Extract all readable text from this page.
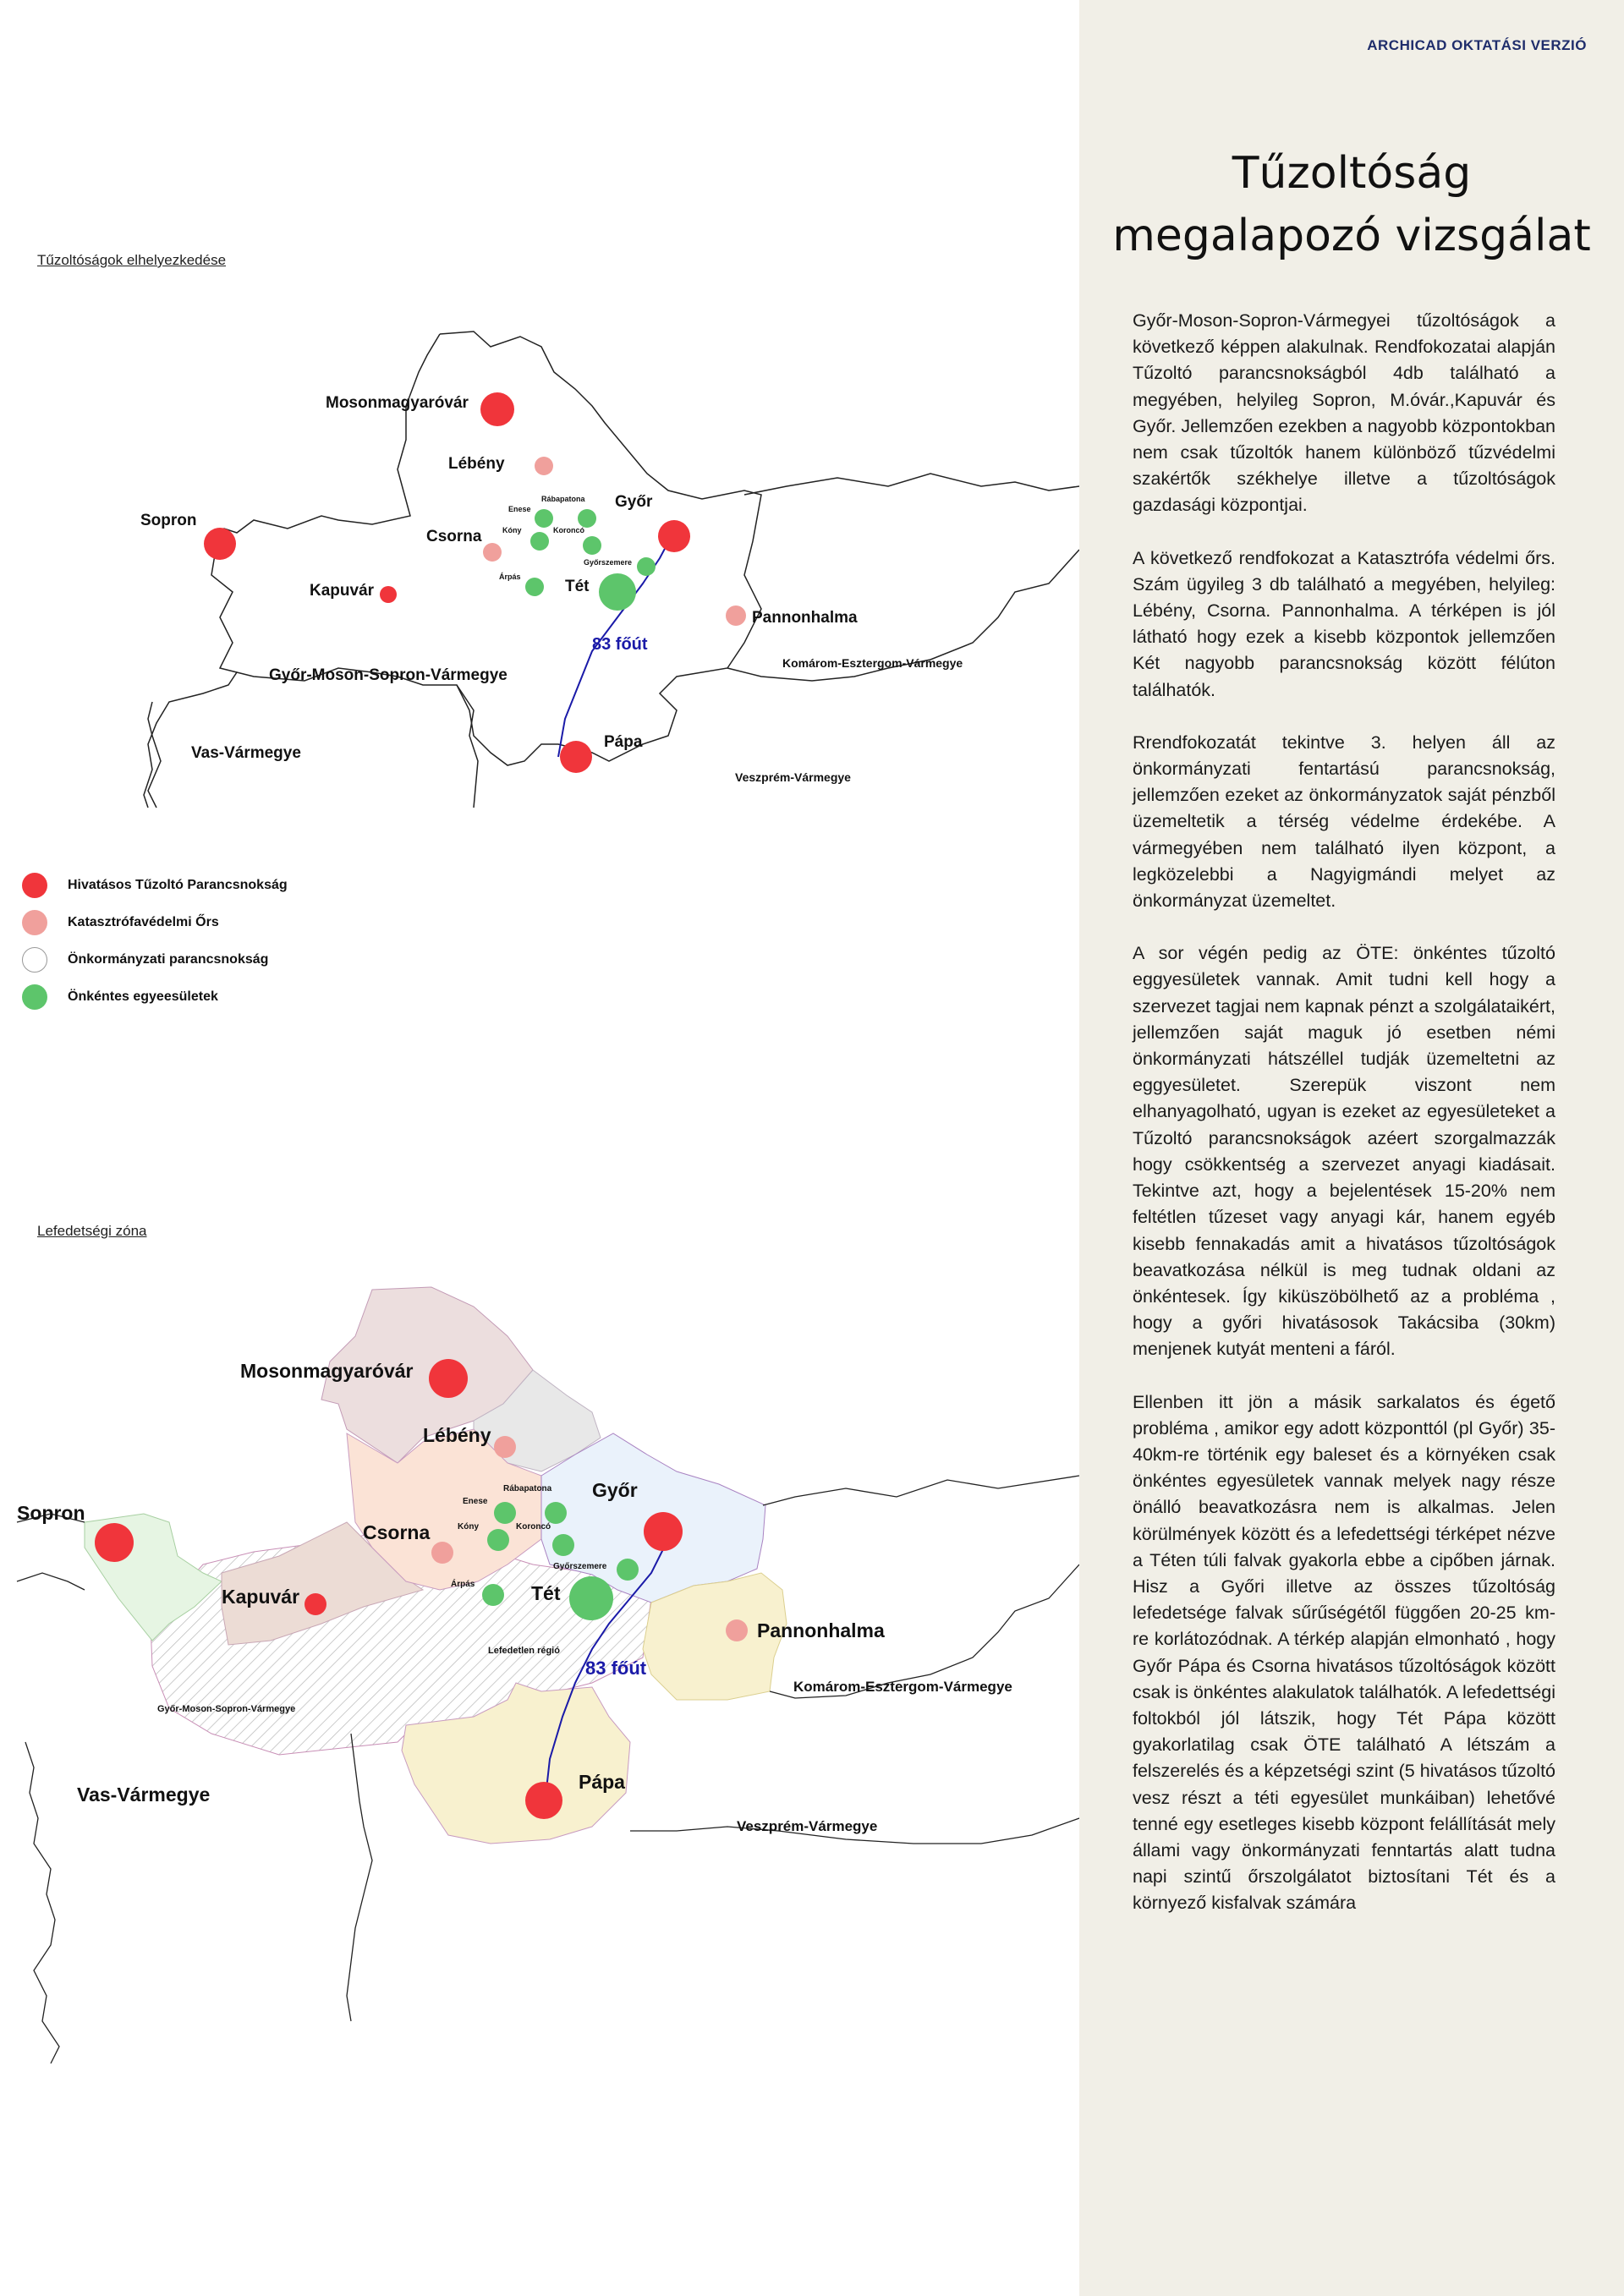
Tűzoltóságok elhelyezkedése
Mosonmagyaróvár
Lébény
Sopron
Rábapatona
Enese	Győr
Csorna	Kóny	Koroncó
Győrszemere
Árpás
Kapuvár	Tét
Pannonhalma
83 főút
Komárom-Esztergom-Vármegye
Győr-Moson-Sopron-Vármegye
Pápa
Vas-Vármegye
Veszprém-Vármegye
Hivatásos Tűzoltó Parancsnokság
Katasztrófavédelmi Őrs
Önkormányzati parancsnokság
Önkéntes egyeesületek
Lefedetségi zóna
Mosonmagyaróvár
Lébény
Győr
Rábapatona
Enese
Sopron
Kóny	Koroncó
Csorna
Győrszemere
Árpás
Kapuvár	Tét
Pannonhalma
Lefedetlen régió
83 főút
Komárom-Esztergom-Vármegye
Győr-Moson-Sopron-Vármegye
Pápa
Vas-Vármegye
Veszprém-Vármegye
ARCHICAD OKTATÁSI VERZIÓ
Tűzoltóság
megalapozó vizsgálat

Győr-Moson-Sopron-Vármegyei tűzoltóságok a következő képpen alakulnak. Rendfokozatai alapján Tűzoltó parancsnokságból 4db található a megyében, helyileg Sopron, M.óvár.,Kapuvár és Győr. Jellemzően ezekben a nagyobb központokban nem csak tűzoltók hanem különböző tűzvédelmi szakértők székhelye illetve a tűzoltóságok gazdasági központjai.

A következő rendfokozat a Katasztrófa védelmi őrs. Szám ügyileg 3 db található a megyében, helyileg: Lébény, Csorna. Pannonhalma. A térképen is jól látható hogy ezek a kisebb központok jellemzően Két nagyobb parancsnokság között félúton találhatók.

Rrendfokozatát tekintve 3. helyen áll az önkormányzati fentartású parancsnokság, jellemzően ezeket az önkormányzatok saját pénzből üzemeltetik a térség védelme érdekébe. A vármegyében nem található ilyen központ, a legközelebbi a Nagyigmándi melyet az önkormányzat üzemeltet.

A sor végén pedig az ÖTE: önkéntes tűzoltó eggyesületek vannak. Amit tudni kell hogy a szervezet tagjai nem kapnak pénzt a szolgálataikért, jellemzően saját maguk jó esetben némi önkormányzati hátszéllel tudják üzemeltetni az eggyesületet. Szerepük viszont nem elhanyagolható, ugyan is ezeket az egyesületeket a Tűzoltó parancsnokságok azéert szorgalmazzák hogy csökkentség a szervezet anyagi kiadásait. Tekintve azt, hogy a bejelentések 15-20% nem feltétlen tűzeset vagy anyagi kár, hanem egyéb kisebb fennakadás amit a hivatásos tűzoltóságok beavatkozása nélkül is meg tudnak oldani az önkéntesek. Így kiküszöbölhető az a probléma , hogy a győri hivatásosok Takácsiba (30km) menjenek kutyát menteni a fáról.

Ellenben itt jön a másik sarkalatos és égető probléma , amikor egy adott központtól (pl Győr) 35-40km-re történik egy baleset és a környéken csak önkéntes egyesületek vannak melyek nagy része önálló beavatkozásra nem is alkalmas. Jelen körülmények között és a lefedettségi térképet nézve a Téten túli falvak gyakorla ebbe a cipőben járnak. Hisz a Győri illetve az összes tűzoltóság lefedetsége falvak sűrűségétől függően 20-25 km- re korlátozódnak. A térkép alapján elmonható , hogy Győr Pápa és Csorna hivatásos tűzoltóságok között csak is önkéntes alakulatok találhatók. A lefedettségi foltokból jól látszik, hogy Tét Pápa között gyakorlatilag csak ÖTE található A létszám a felszerelés és a képzetségi szint (5 hivatásos tűzoltó vesz részt a téti egyesület munkáiban) lehetővé tenné egy esetleges kisebb központ felállítását mely állami vagy önkormányzati fenntartás alatt tudna napi szintű őrszolgálatot biztosítani Tét és a környező kisfalvak számára
